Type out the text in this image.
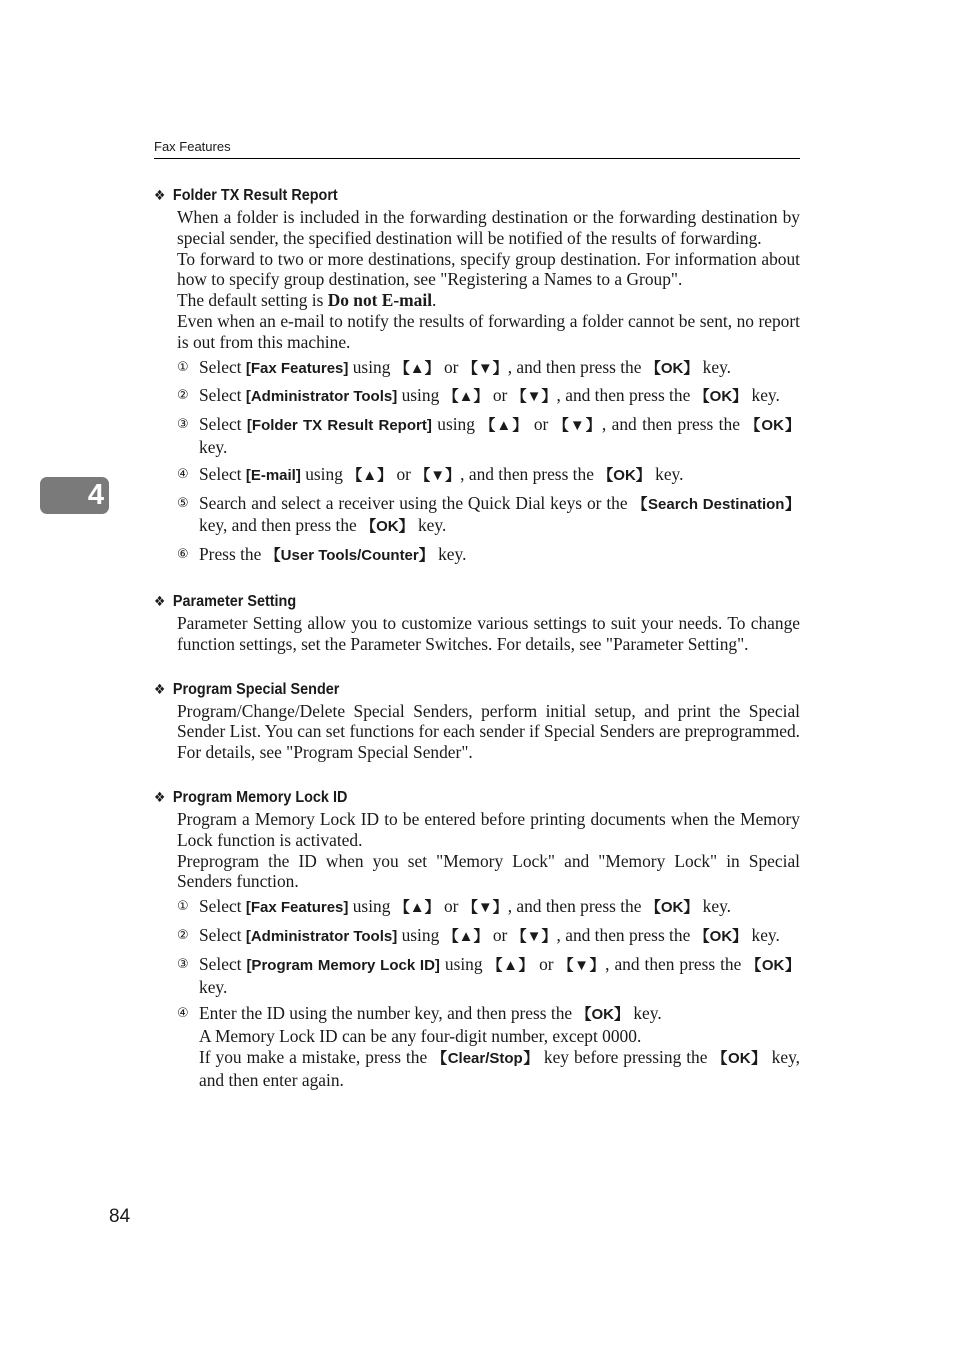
Fax Features
4
❖ Folder TX Result Report

When a folder is included in the forwarding destination or the forwarding destination by special sender, the specified destination will be notified of the results of forwarding.

To forward to two or more destinations, specify group destination. For information about how to specify group destination, see "Registering a Names to a Group".

The default setting is Do not E-mail.

Even when an e-mail to notify the results of forwarding a folder cannot be sent, no report is out from this machine.

① Select [Fax Features] using 【▲】 or 【▼】, and then press the 【OK】 key.
② Select [Administrator Tools] using 【▲】 or 【▼】, and then press the 【OK】 key.
③ Select [Folder TX Result Report] using 【▲】 or 【▼】, and then press the 【OK】 key.
④ Select [E-mail] using 【▲】 or 【▼】, and then press the 【OK】 key.
⑤ Search and select a receiver using the Quick Dial keys or the 【Search Destination】 key, and then press the 【OK】 key.
⑥ Press the 【User Tools/Counter】 key.
❖ Parameter Setting

Parameter Setting allow you to customize various settings to suit your needs. To change function settings, set the Parameter Switches. For details, see "Parameter Setting".

❖ Program Special Sender

Program/Change/Delete Special Senders, perform initial setup, and print the Special Sender List. You can set functions for each sender if Special Senders are preprogrammed. For details, see "Program Special Sender".

❖ Program Memory Lock ID

Program a Memory Lock ID to be entered before printing documents when the Memory Lock function is activated.

Preprogram the ID when you set "Memory Lock" and "Memory Lock" in Special Senders function.

① Select [Fax Features] using 【▲】 or 【▼】, and then press the 【OK】 key.
② Select [Administrator Tools] using 【▲】 or 【▼】, and then press the 【OK】 key.
③ Select [Program Memory Lock ID] using 【▲】 or 【▼】, and then press the 【OK】 key.
④ Enter the ID using the number key, and then press the 【OK】 key.
A Memory Lock ID can be any four-digit number, except 0000.
If you make a mistake, press the 【Clear/Stop】 key before pressing the 【OK】 key, and then enter again.
84
